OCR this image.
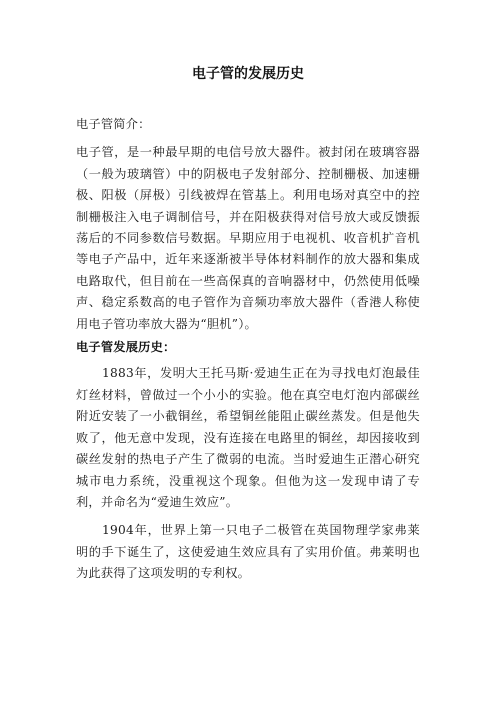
电子管的发展历史

电子管简介：

电子管，是一种最早期的电信号放大器件。被封闭在玻璃容器（一般为玻璃管）中的阴极电子发射部分、控制栅极、加速栅极、阳极（屏极）引线被焊在管基上。利用电场对真空中的控制栅极注入电子调制信号，并在阳极获得对信号放大或反馈振荡后的不同参数信号数据。早期应用于电视机、收音机扩音机等电子产品中，近年来逐渐被半导体材料制作的放大器和集成电路取代，但目前在一些高保真的音响器材中，仍然使用低噪声、稳定系数高的电子管作为音频功率放大器件（香港人称使用电子管功率放大器为“胆机”）。

电子管发展历史：

1883年，发明大王托马斯·爱迪生正在为寻找电灯泡最佳灯丝材料，曾做过一个小小的实验。他在真空电灯泡内部碳丝附近安装了一小截铜丝，希望铜丝能阻止碳丝蒸发。但是他失败了，他无意中发现，没有连接在电路里的铜丝，却因接收到碳丝发射的热电子产生了微弱的电流。当时爱迪生正潜心研究城市电力系统，没重视这个现象。但他为这一发现申请了专利，并命名为“爱迪生效应”。

1904年，世界上第一只电子二极管在英国物理学家弗莱明的手下诞生了，这使爱迪生效应具有了实用价值。弗莱明也为此获得了这项发明的专利权。
